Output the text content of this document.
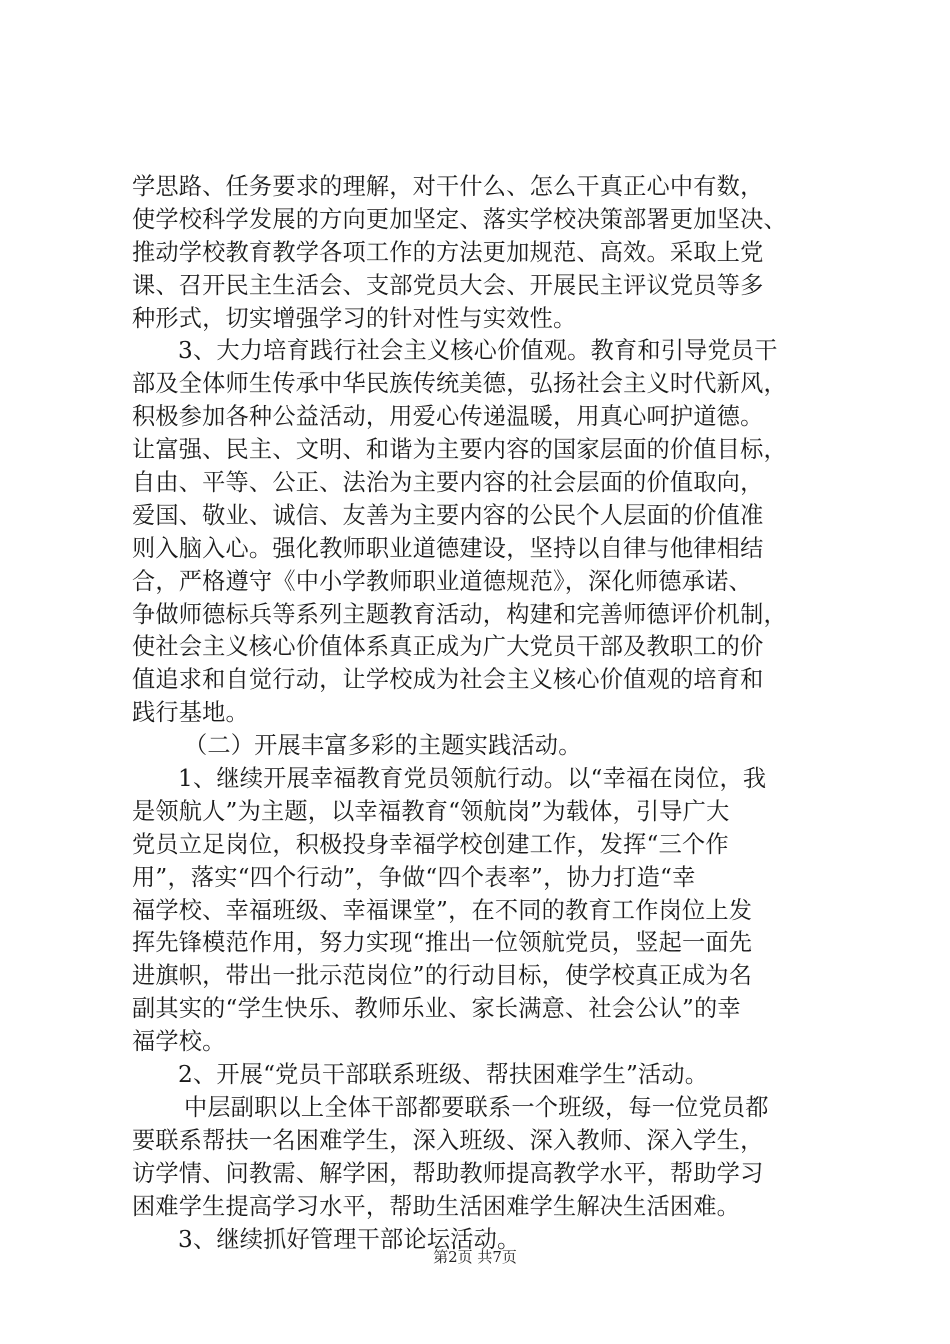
学思路、任务要求的理解，对干什么、怎么干真正心中有数，
使学校科学发展的方向更加坚定、落实学校决策部署更加坚决、
推动学校教育教学各项工作的方法更加规范、高效。采取上党
课、召开民主生活会、支部党员大会、开展民主评议党员等多
种形式，切实增强学习的针对性与实效性。
3、大力培育践行社会主义核心价值观。教育和引导党员干
部及全体师生传承中华民族传统美德，弘扬社会主义时代新风，
积极参加各种公益活动，用爱心传递温暖，用真心呵护道德。
让富强、民主、文明、和谐为主要内容的国家层面的价值目标，
自由、平等、公正、法治为主要内容的社会层面的价值取向，
爱国、敬业、诚信、友善为主要内容的公民个人层面的价值准
则入脑入心。强化教师职业道德建设，坚持以自律与他律相结
合，严格遵守《中小学教师职业道德规范》，深化师德承诺、
争做师德标兵等系列主题教育活动，构建和完善师德评价机制，
使社会主义核心价值体系真正成为广大党员干部及教职工的价
值追求和自觉行动，让学校成为社会主义核心价值观的培育和
践行基地。
（二）开展丰富多彩的主题实践活动。
1、继续开展幸福教育党员领航行动。以“幸福在岗位，我
是领航人”为主题，以幸福教育“领航岗”为载体，引导广大
党员立足岗位，积极投身幸福学校创建工作，发挥“三个作
用”，落实“四个行动”，争做“四个表率”，协力打造“幸
福学校、幸福班级、幸福课堂”，在不同的教育工作岗位上发
挥先锋模范作用，努力实现“推出一位领航党员，竖起一面先
进旗帜，带出一批示范岗位”的行动目标，使学校真正成为名
副其实的“学生快乐、教师乐业、家长满意、社会公认”的幸
福学校。
2、开展“党员干部联系班级、帮扶困难学生”活动。
中层副职以上全体干部都要联系一个班级，每一位党员都
要联系帮扶一名困难学生，深入班级、深入教师、深入学生，
访学情、问教需、解学困，帮助教师提高教学水平，帮助学习
困难学生提高学习水平，帮助生活困难学生解决生活困难。
3、继续抓好管理干部论坛活动。
第2页 共7页
